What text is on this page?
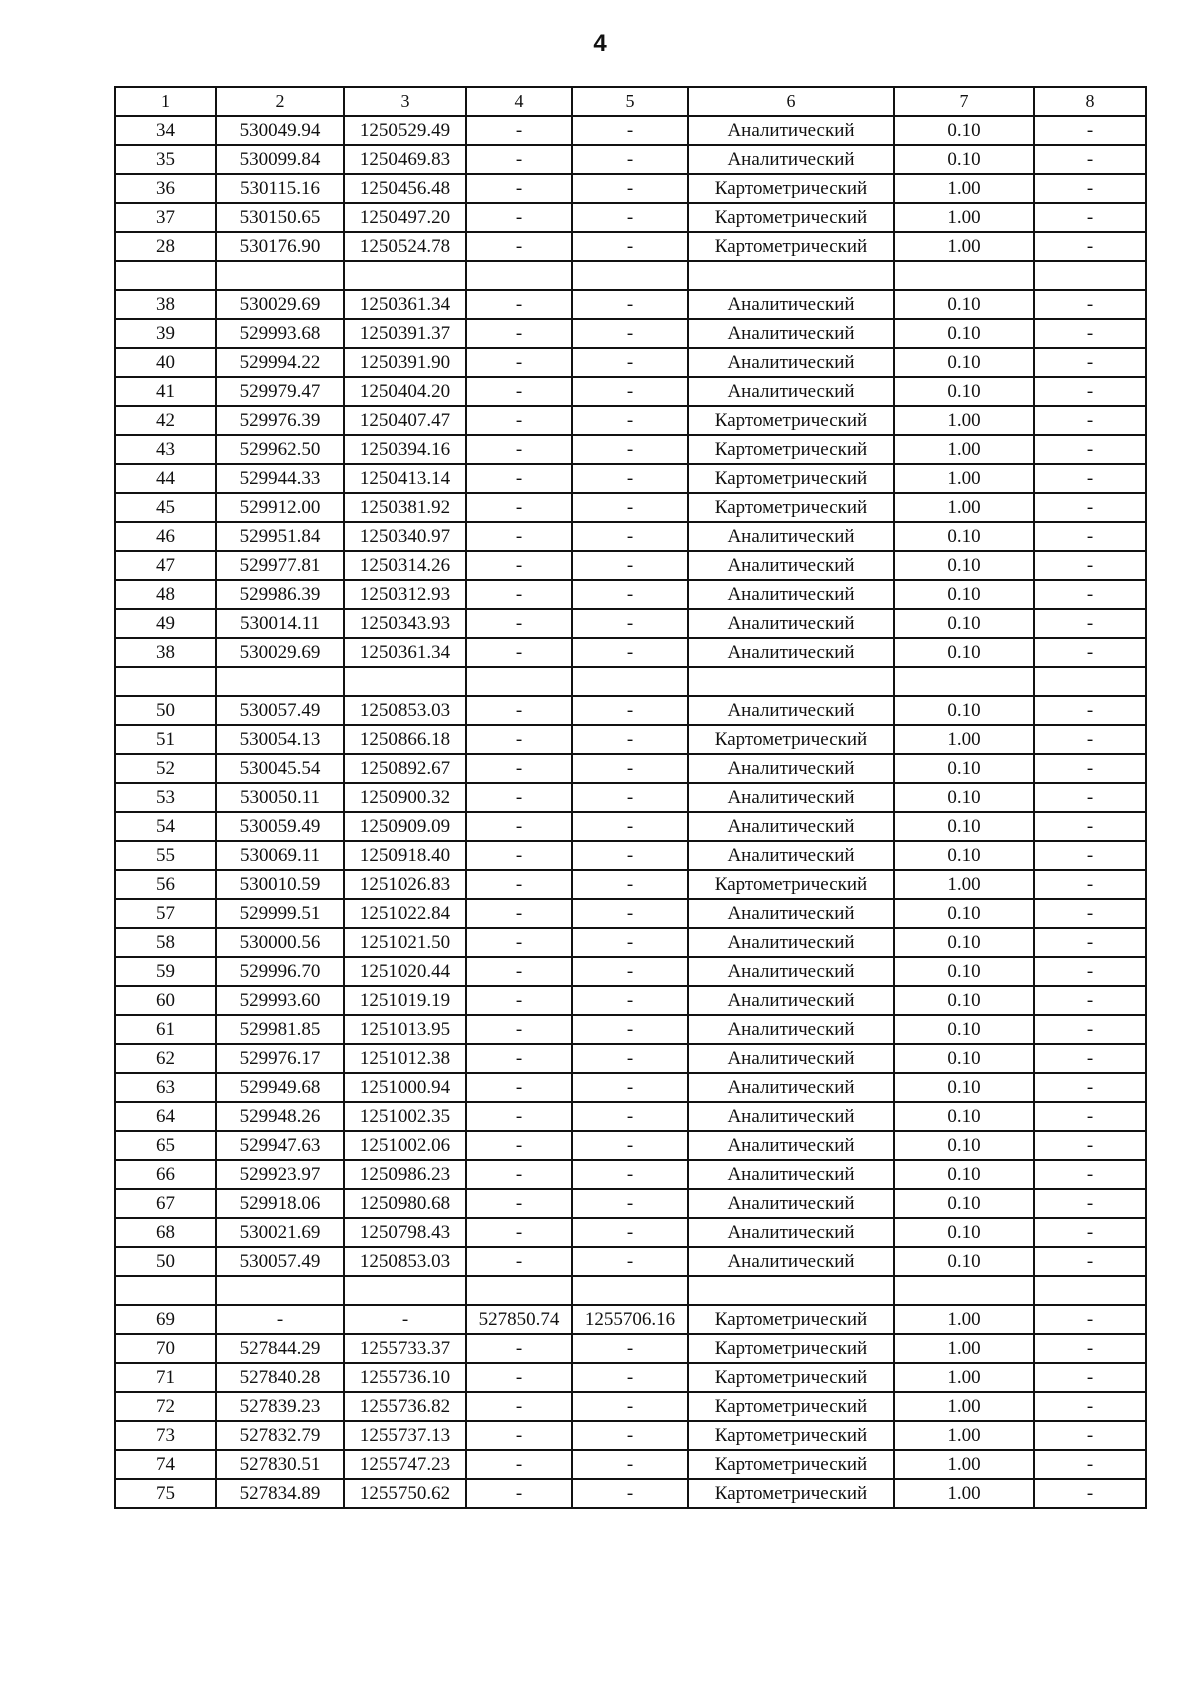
4
1	2	3	4	5	6	7	8
34	530049.94	1250529.49	-	-	Аналитический	0.10	-
35	530099.84	1250469.83	-	-	Аналитический	0.10	-
36	530115.16	1250456.48	-	-	Картометрический	1.00	-
37	530150.65	1250497.20	-	-	Картометрический	1.00	-
28	530176.90	1250524.78	-	-	Картометрический	1.00	-

38	530029.69	1250361.34	-	-	Аналитический	0.10	-
39	529993.68	1250391.37	-	-	Аналитический	0.10	-
40	529994.22	1250391.90	-	-	Аналитический	0.10	-
41	529979.47	1250404.20	-	-	Аналитический	0.10	-
42	529976.39	1250407.47	-	-	Картометрический	1.00	-
43	529962.50	1250394.16	-	-	Картометрический	1.00	-
44	529944.33	1250413.14	-	-	Картометрический	1.00	-
45	529912.00	1250381.92	-	-	Картометрический	1.00	-
46	529951.84	1250340.97	-	-	Аналитический	0.10	-
47	529977.81	1250314.26	-	-	Аналитический	0.10	-
48	529986.39	1250312.93	-	-	Аналитический	0.10	-
49	530014.11	1250343.93	-	-	Аналитический	0.10	-
38	530029.69	1250361.34	-	-	Аналитический	0.10	-

50	530057.49	1250853.03	-	-	Аналитический	0.10	-
51	530054.13	1250866.18	-	-	Картометрический	1.00	-
52	530045.54	1250892.67	-	-	Аналитический	0.10	-
53	530050.11	1250900.32	-	-	Аналитический	0.10	-
54	530059.49	1250909.09	-	-	Аналитический	0.10	-
55	530069.11	1250918.40	-	-	Аналитический	0.10	-
56	530010.59	1251026.83	-	-	Картометрический	1.00	-
57	529999.51	1251022.84	-	-	Аналитический	0.10	-
58	530000.56	1251021.50	-	-	Аналитический	0.10	-
59	529996.70	1251020.44	-	-	Аналитический	0.10	-
60	529993.60	1251019.19	-	-	Аналитический	0.10	-
61	529981.85	1251013.95	-	-	Аналитический	0.10	-
62	529976.17	1251012.38	-	-	Аналитический	0.10	-
63	529949.68	1251000.94	-	-	Аналитический	0.10	-
64	529948.26	1251002.35	-	-	Аналитический	0.10	-
65	529947.63	1251002.06	-	-	Аналитический	0.10	-
66	529923.97	1250986.23	-	-	Аналитический	0.10	-
67	529918.06	1250980.68	-	-	Аналитический	0.10	-
68	530021.69	1250798.43	-	-	Аналитический	0.10	-
50	530057.49	1250853.03	-	-	Аналитический	0.10	-

69	-	-	527850.74	1255706.16	Картометрический	1.00	-
70	527844.29	1255733.37	-	-	Картометрический	1.00	-
71	527840.28	1255736.10	-	-	Картометрический	1.00	-
72	527839.23	1255736.82	-	-	Картометрический	1.00	-
73	527832.79	1255737.13	-	-	Картометрический	1.00	-
74	527830.51	1255747.23	-	-	Картометрический	1.00	-
75	527834.89	1255750.62	-	-	Картометрический	1.00	-
